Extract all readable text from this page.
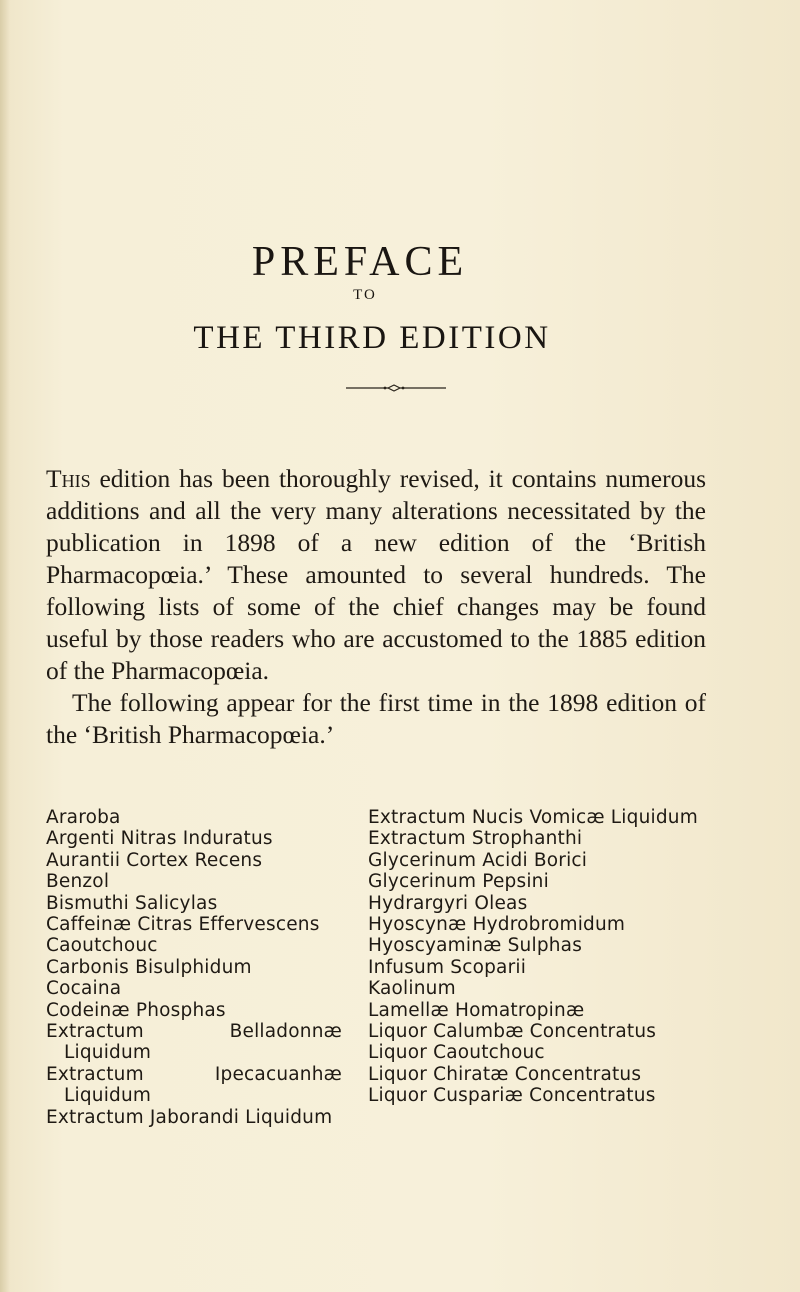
PREFACE
TO
THE THIRD EDITION

This edition has been thoroughly revised, it contains numerous additions and all the very many alterations necessitated by the publication in 1898 of a new edition of the ‘British Pharmacopœia.’ These amounted to several hundreds. The following lists of some of the chief changes may be found useful by those readers who are accustomed to the 1885 edition of the Pharmacopœia.

The following appear for the first time in the 1898 edition of the ‘British Pharmacopœia.’

Araroba
Argenti Nitras Induratus
Aurantii Cortex Recens
Benzol
Bismuthi Salicylas
Caffeinæ Citras Effervescens
Caoutchouc
Carbonis Bisulphidum
Cocaina
Codeinæ Phosphas
Extractum Belladonnæ Liquidum
Extractum Ipecacuanhæ Liquidum
Extractum Jaborandi Liquidum
Extractum Nucis Vomicæ Liquidum
Extractum Strophanthi
Glycerinum Acidi Borici
Glycerinum Pepsini
Hydrargyri Oleas
Hyoscynæ Hydrobromidum
Hyoscyaminæ Sulphas
Infusum Scoparii
Kaolinum
Lamellæ Homatropinæ
Liquor Calumbæ Concentratus
Liquor Caoutchouc
Liquor Chiratæ Concentratus
Liquor Cuspariæ Concentratus
